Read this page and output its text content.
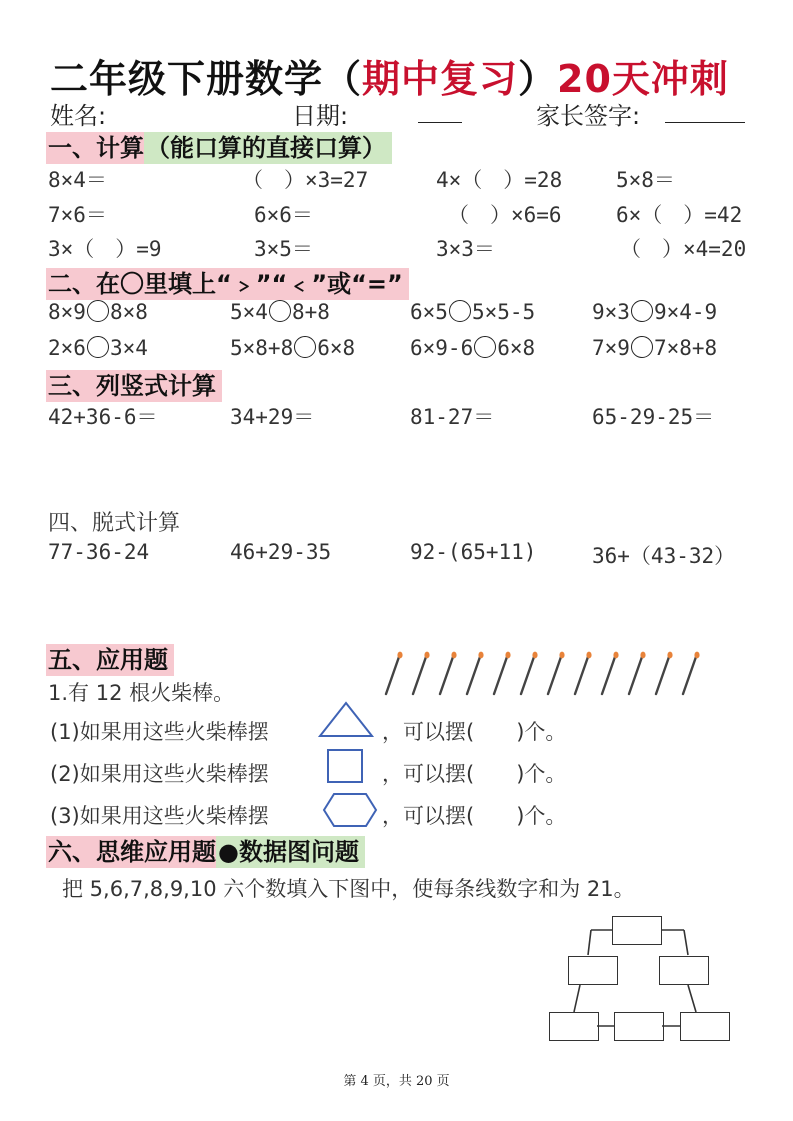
二年级下册数学（期中复习）20天冲刺
姓名:	日期:	家长签字:
一、计算（能口算的直接口算）
8×4＝	（　）×3=27	4×（　）=28	5×8＝
7×6＝	6×6＝	（　）×6=6	6×（　）=42
3×（　）=9	3×5＝	3×3＝	（　）×4=20
二、在〇里填上“﹥”“﹤”或“=”
8×9 8×8	5×4 8+8	6×5 5×5-5	9×3 9×4-9
2×6 3×4	5×8+8 6×8	6×9-6 6×8	7×9 7×8+8
三、列竖式计算
42+36-6＝	34+29＝	81-27＝	65-29-25＝
四、脱式计算
77-36-24	46+29-35	92-(65+11)	36+（43-32）
五、应用题
1.有 12 根火柴棒。
(1)如果用这些火柴棒摆	，可以摆(　　)个。
(2)如果用这些火柴棒摆	，可以摆(　　)个。
(3)如果用这些火柴棒摆	，可以摆(　　)个。
六、思维应用题●数据图问题
把 5,6,7,8,9,10 六个数填入下图中，使每条线数字和为 21。
第 4 页，共 20 页
